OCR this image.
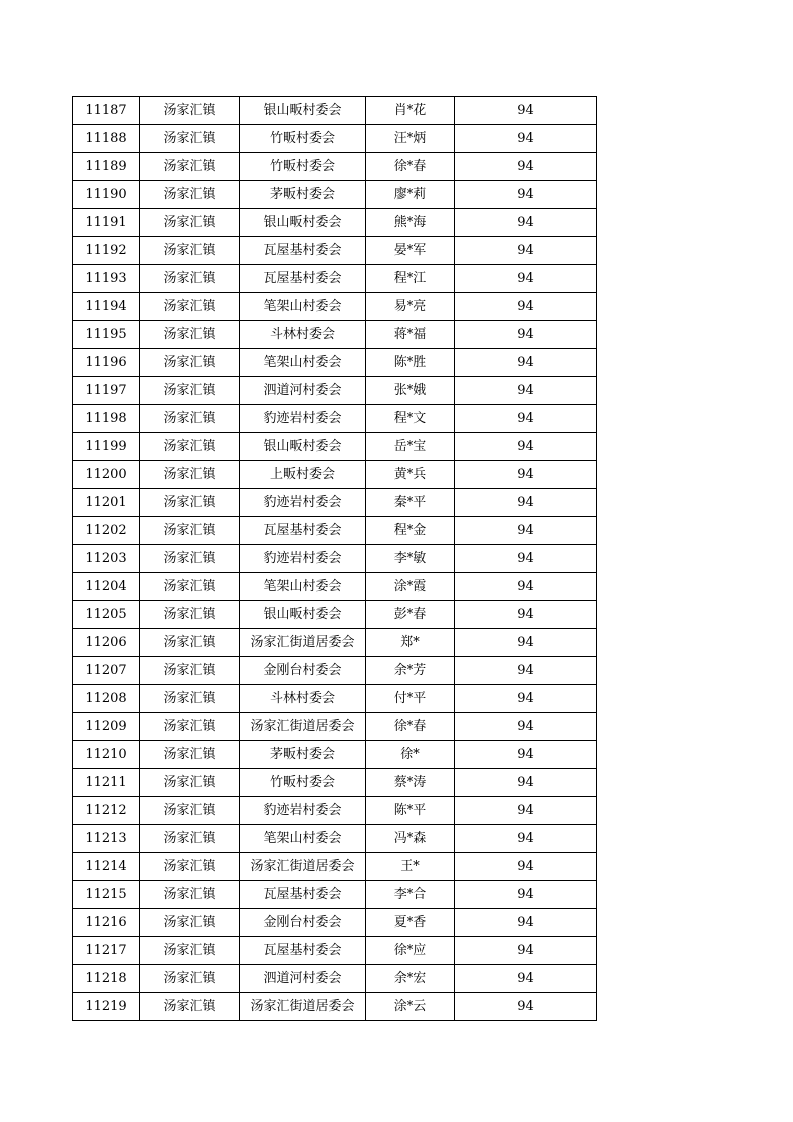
11187	汤家汇镇	银山畈村委会	肖*花	94
11188	汤家汇镇	竹畈村委会	汪*炳	94
11189	汤家汇镇	竹畈村委会	徐*春	94
11190	汤家汇镇	茅畈村委会	廖*莉	94
11191	汤家汇镇	银山畈村委会	熊*海	94
11192	汤家汇镇	瓦屋基村委会	晏*军	94
11193	汤家汇镇	瓦屋基村委会	程*江	94
11194	汤家汇镇	笔架山村委会	易*亮	94
11195	汤家汇镇	斗林村委会	蒋*福	94
11196	汤家汇镇	笔架山村委会	陈*胜	94
11197	汤家汇镇	泗道河村委会	张*娥	94
11198	汤家汇镇	豹迹岩村委会	程*文	94
11199	汤家汇镇	银山畈村委会	岳*宝	94
11200	汤家汇镇	上畈村委会	黄*兵	94
11201	汤家汇镇	豹迹岩村委会	秦*平	94
11202	汤家汇镇	瓦屋基村委会	程*金	94
11203	汤家汇镇	豹迹岩村委会	李*敏	94
11204	汤家汇镇	笔架山村委会	涂*霞	94
11205	汤家汇镇	银山畈村委会	彭*春	94
11206	汤家汇镇	汤家汇街道居委会	郑*	94
11207	汤家汇镇	金刚台村委会	余*芳	94
11208	汤家汇镇	斗林村委会	付*平	94
11209	汤家汇镇	汤家汇街道居委会	徐*春	94
11210	汤家汇镇	茅畈村委会	徐*	94
11211	汤家汇镇	竹畈村委会	蔡*涛	94
11212	汤家汇镇	豹迹岩村委会	陈*平	94
11213	汤家汇镇	笔架山村委会	冯*森	94
11214	汤家汇镇	汤家汇街道居委会	王*	94
11215	汤家汇镇	瓦屋基村委会	李*合	94
11216	汤家汇镇	金刚台村委会	夏*香	94
11217	汤家汇镇	瓦屋基村委会	徐*应	94
11218	汤家汇镇	泗道河村委会	余*宏	94
11219	汤家汇镇	汤家汇街道居委会	涂*云	94
